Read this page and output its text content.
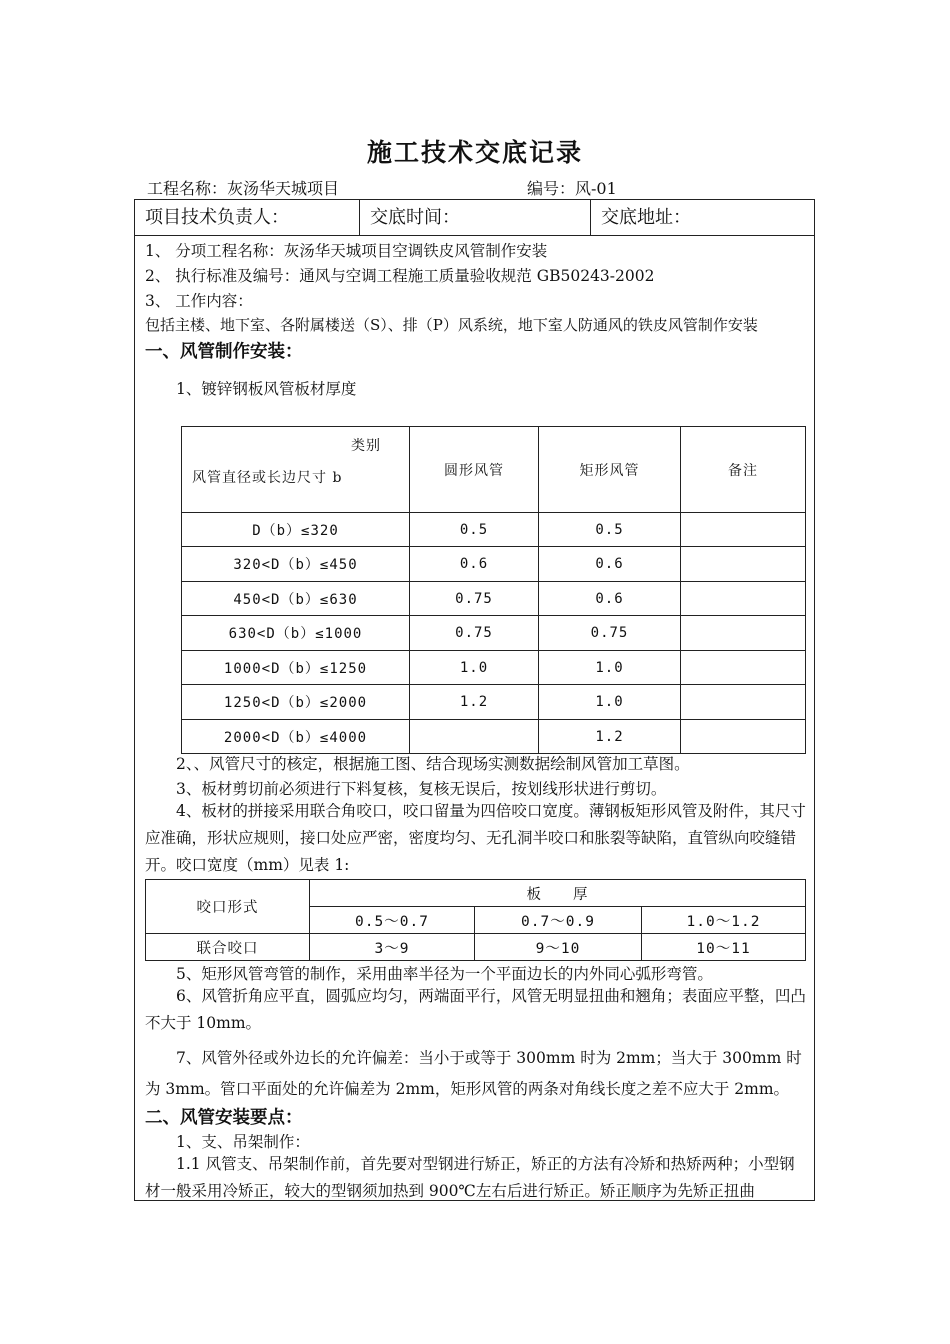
施工技术交底记录
工程名称：灰汤华天城项目	编号：风-01
项目技术负责人：	交底时间：	交底地址：
1、 分项工程名称：灰汤华天城项目空调铁皮风管制作安装
2、 执行标准及编号：通风与空调工程施工质量验收规范 GB50243-2002
3、 工作内容：
包括主楼、地下室、各附属楼送（S）、排（P）风系统，地下室人防通风的铁皮风管制作安装
一、风管制作安装：
1、镀锌钢板风管板材厚度
类别
风管直径或长边尺寸 b	圆形风管	矩形风管	备注
D（b）≤320	0.5	0.5	
320<D（b）≤450	0.6	0.6	
450<D（b）≤630	0.75	0.6	
630<D（b）≤1000	0.75	0.75	
1000<D（b）≤1250	1.0	1.0	
1250<D（b）≤2000	1.2	1.0	
2000<D（b）≤4000		1.2	
2、、风管尺寸的核定，根据施工图、结合现场实测数据绘制风管加工草图。
3、板材剪切前必须进行下料复核，复核无误后，按划线形状进行剪切。
4、板材的拼接采用联合角咬口，咬口留量为四倍咬口宽度。薄钢板矩形风管及附件，其尺寸应准确，形状应规则，接口处应严密，密度均匀、无孔洞半咬口和胀裂等缺陷，直管纵向咬缝错开。咬口宽度（mm）见表 1:
咬口形式	板　　厚		
	0.5～0.7	0.7～0.9	1.0～1.2
联合咬口	3～9	9～10	10～11
5、矩形风管弯管的制作，采用曲率半径为一个平面边长的内外同心弧形弯管。
6、风管折角应平直，圆弧应均匀，两端面平行，风管无明显扭曲和翘角；表面应平整，凹凸不大于 10mm。
7、风管外径或外边长的允许偏差：当小于或等于 300mm 时为 2mm；当大于 300mm 时为 3mm。管口平面处的允许偏差为 2mm，矩形风管的两条对角线长度之差不应大于 2mm。
二、风管安装要点：
1、支、吊架制作：
1.1 风管支、吊架制作前，首先要对型钢进行矫正，矫正的方法有冷矫和热矫两种；小型钢材一般采用冷矫正，较大的型钢须加热到 900℃左右后进行矫正。矫正顺序为先矫正扭曲
